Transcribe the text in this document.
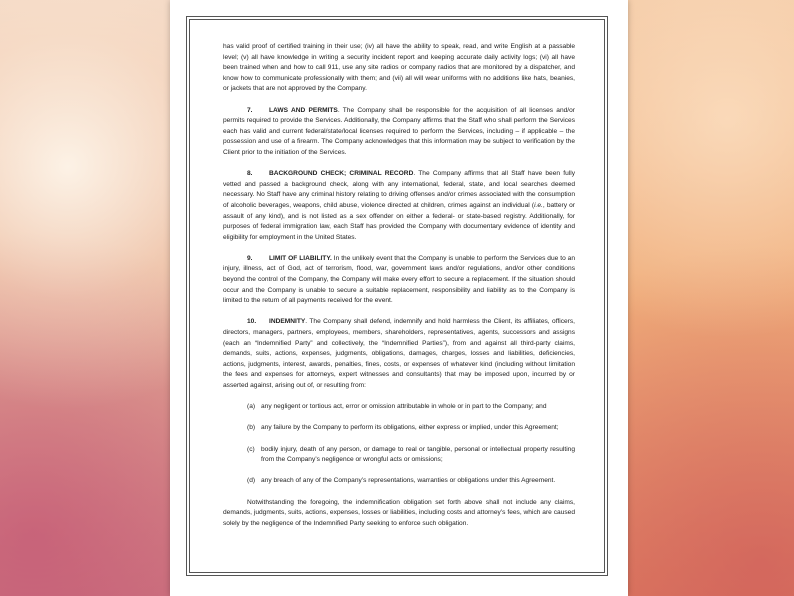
has valid proof of certified training in their use; (iv) all have the ability to speak, read, and write English at a passable level; (v) all have knowledge in writing a security incident report and keeping accurate daily activity logs; (vi) all have been trained when and how to call 911, use any site radios or company radios that are monitored by a dispatcher, and know how to communicate professionally with them; and (vii) all will wear uniforms with no additions like hats, beanies, or jackets that are not approved by the Company.

7.	LAWS AND PERMITS. The Company shall be responsible for the acquisition of all licenses and/or permits required to provide the Services. Additionally, the Company affirms that the Staff who shall perform the Services each has valid and current federal/state/local licenses required to perform the Services, including – if applicable – the possession and use of a firearm. The Company acknowledges that this information may be subject to verification by the Client prior to the initiation of the Services.

8.	BACKGROUND CHECK; CRIMINAL RECORD. The Company affirms that all Staff have been fully vetted and passed a background check, along with any international, federal, state, and local searches deemed necessary. No Staff have any criminal history relating to driving offenses and/or crimes associated with the consumption of alcoholic beverages, weapons, child abuse, violence directed at children, crimes against an individual (i.e., battery or assault of any kind), and is not listed as a sex offender on either a federal- or state-based registry. Additionally, for purposes of federal immigration law, each Staff has provided the Company with documentary evidence of identity and eligibility for employment in the United States.

9.	LIMIT OF LIABILITY. In the unlikely event that the Company is unable to perform the Services due to an injury, illness, act of God, act of terrorism, flood, war, government laws and/or regulations, and/or other conditions beyond the control of the Company, the Company will make every effort to secure a replacement. If the situation should occur and the Company is unable to secure a suitable replacement, responsibility and liability as to the Company is limited to the return of all payments received for the event.

10. INDEMNITY. The Company shall defend, indemnify and hold harmless the Client, its affiliates, officers, directors, managers, partners, employees, members, shareholders, representatives, agents, successors and assigns (each an “Indemnified Party” and collectively, the “Indemnified Parties”), from and against all third-party claims, demands, suits, actions, expenses, judgments, obligations, damages, charges, losses and liabilities, deficiencies, actions, judgments, interest, awards, penalties, fines, costs, or expenses of whatever kind (including without limitation the fees and expenses for attorneys, expert witnesses and consultants) that may be imposed upon, incurred by or asserted against, arising out of, or resulting from:

(a) any negligent or tortious act, error or omission attributable in whole or in part to the Company; and
(b) any failure by the Company to perform its obligations, either express or implied, under this Agreement;
(c) bodily injury, death of any person, or damage to real or tangible, personal or intellectual property resulting from the Company’s negligence or wrongful acts or omissions;
(d) any breach of any of the Company’s representations, warranties or obligations under this Agreement.

Notwithstanding the foregoing, the indemnification obligation set forth above shall not include any claims, demands, judgments, suits, actions, expenses, losses or liabilities, including costs and attorney’s fees, which are caused solely by the negligence of the Indemnified Party seeking to enforce such obligation.
